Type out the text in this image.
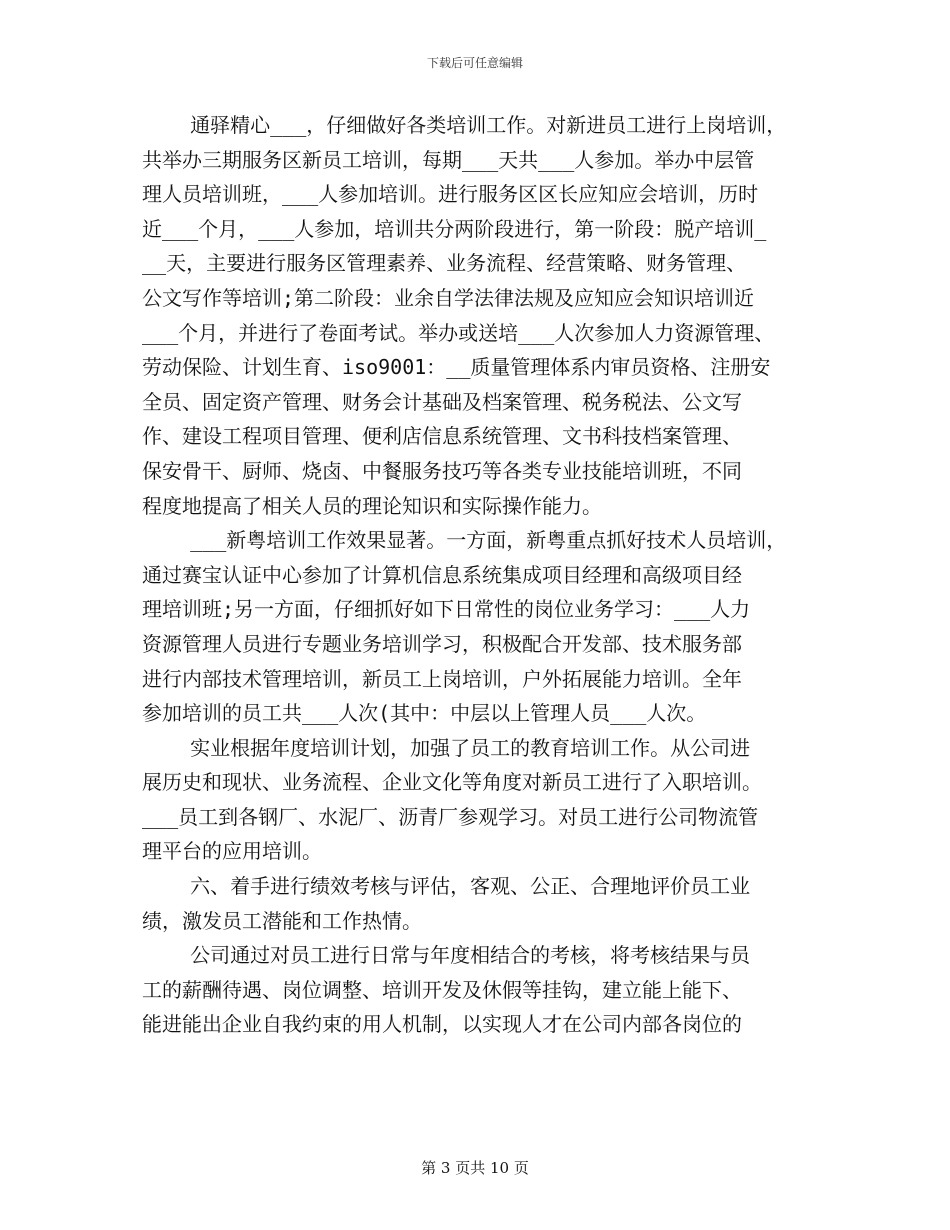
下载后可任意编辑
通驿精心___，仔细做好各类培训工作。对新进员工进行上岗培训，
共举办三期服务区新员工培训，每期___天共___人参加。举办中层管
理人员培训班，___人参加培训。进行服务区区长应知应会培训，历时
近___个月，___人参加，培训共分两阶段进行，第一阶段：脱产培训_
__天，主要进行服务区管理素养、业务流程、经营策略、财务管理、
公文写作等培训;第二阶段：业余自学法律法规及应知应会知识培训近
___个月，并进行了卷面考试。举办或送培___人次参加人力资源管理、
劳动保险、计划生育、iso9001：__质量管理体系内审员资格、注册安
全员、固定资产管理、财务会计基础及档案管理、税务税法、公文写
作、建设工程项目管理、便利店信息系统管理、文书科技档案管理、
保安骨干、厨师、烧卤、中餐服务技巧等各类专业技能培训班，不同
程度地提高了相关人员的理论知识和实际操作能力。
___新粤培训工作效果显著。一方面，新粤重点抓好技术人员培训，
通过赛宝认证中心参加了计算机信息系统集成项目经理和高级项目经
理培训班;另一方面，仔细抓好如下日常性的岗位业务学习：___人力
资源管理人员进行专题业务培训学习，积极配合开发部、技术服务部
进行内部技术管理培训，新员工上岗培训，户外拓展能力培训。全年
参加培训的员工共___人次(其中：中层以上管理人员___人次。
实业根据年度培训计划，加强了员工的教育培训工作。从公司进
展历史和现状、业务流程、企业文化等角度对新员工进行了入职培训。
___员工到各钢厂、水泥厂、沥青厂参观学习。对员工进行公司物流管
理平台的应用培训。
六、着手进行绩效考核与评估，客观、公正、合理地评价员工业
绩，激发员工潜能和工作热情。
公司通过对员工进行日常与年度相结合的考核，将考核结果与员
工的薪酬待遇、岗位调整、培训开发及休假等挂钩，建立能上能下、
能进能出企业自我约束的用人机制，以实现人才在公司内部各岗位的
第 3 页共 10 页
